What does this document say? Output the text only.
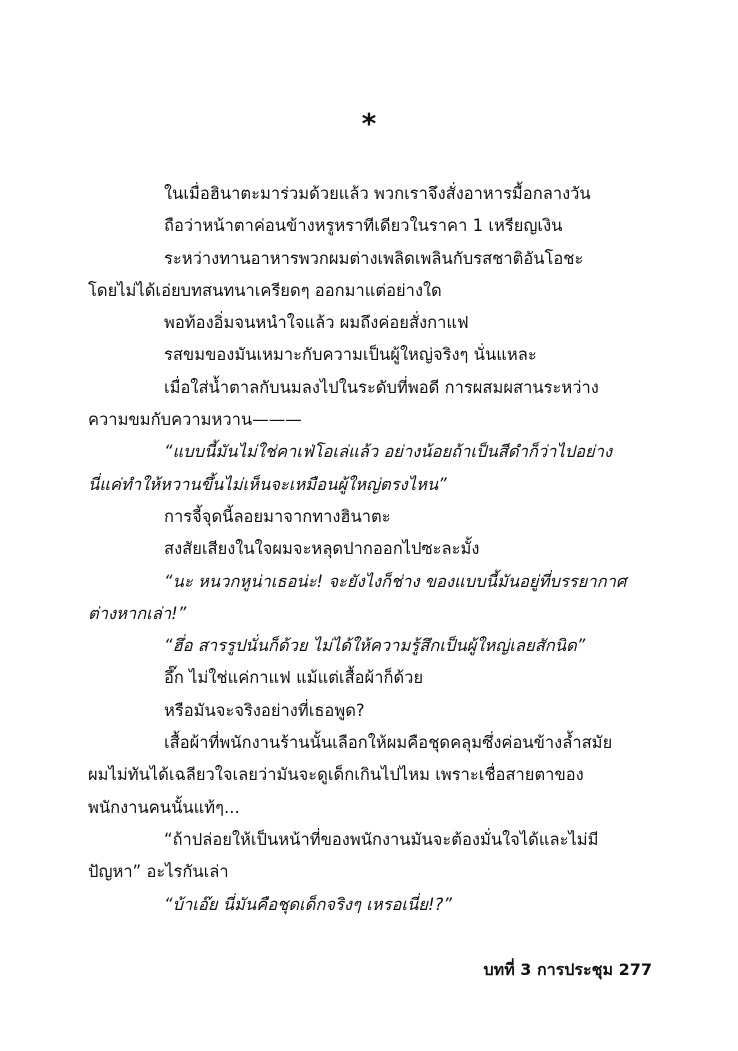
*
ในเมื่อฮินาตะมาร่วมด้วยแล้ว พวกเราจึงสั่งอาหารมื้อกลางวัน
ถือว่าหน้าตาค่อนข้างหรูหราทีเดียวในราคา 1 เหรียญเงิน
ระหว่างทานอาหารพวกผมต่างเพลิดเพลินกับรสชาติอันโอชะ
โดยไม่ได้เอ่ยบทสนทนาเครียดๆ ออกมาแต่อย่างใด
พอท้องอิ่มจนหนำใจแล้ว ผมถึงค่อยสั่งกาแฟ
รสขมของมันเหมาะกับความเป็นผู้ใหญ่จริงๆ นั่นแหละ
เมื่อใส่น้ำตาลกับนมลงไปในระดับที่พอดี การผสมผสานระหว่าง
ความขมกับความหวาน———
“แบบนี้มันไม่ใช่คาเฟ่โอเล่แล้ว อย่างน้อยถ้าเป็นสีดำก็ว่าไปอย่าง
นี่แค่ทำให้หวานขึ้นไม่เห็นจะเหมือนผู้ใหญ่ตรงไหน”
การจี้จุดนี้ลอยมาจากทางฮินาตะ
สงสัยเสียงในใจผมจะหลุดปากออกไปซะละมั้ง
“นะ หนวกหูน่าเธอน่ะ! จะยังไงก็ช่าง ของแบบนี้มันอยู่ที่บรรยากาศ
ต่างหากเล่า!”
“ฮึ่อ สารรูปนั่นก็ด้วย ไม่ได้ให้ความรู้สึกเป็นผู้ใหญ่เลยสักนิด”
อึ๊ก ไม่ใช่แค่กาแฟ แม้แต่เสื้อผ้าก็ด้วย
หรือมันจะจริงอย่างที่เธอพูด?
เสื้อผ้าที่พนักงานร้านนั้นเลือกให้ผมคือชุดคลุมซึ่งค่อนข้างล้ำสมัย
ผมไม่ทันได้เฉลียวใจเลยว่ามันจะดูเด็กเกินไปไหม เพราะเชื่อสายตาของ
พนักงานคนนั้นแท้ๆ...
“ถ้าปล่อยให้เป็นหน้าที่ของพนักงานมันจะต้องมั่นใจได้และไม่มี
ปัญหา” อะไรกันเล่า
“บ้าเอ๊ย นี่มันคือชุดเด็กจริงๆ เหรอเนี่ย!?”
บทที่ 3 การประชุม 277
